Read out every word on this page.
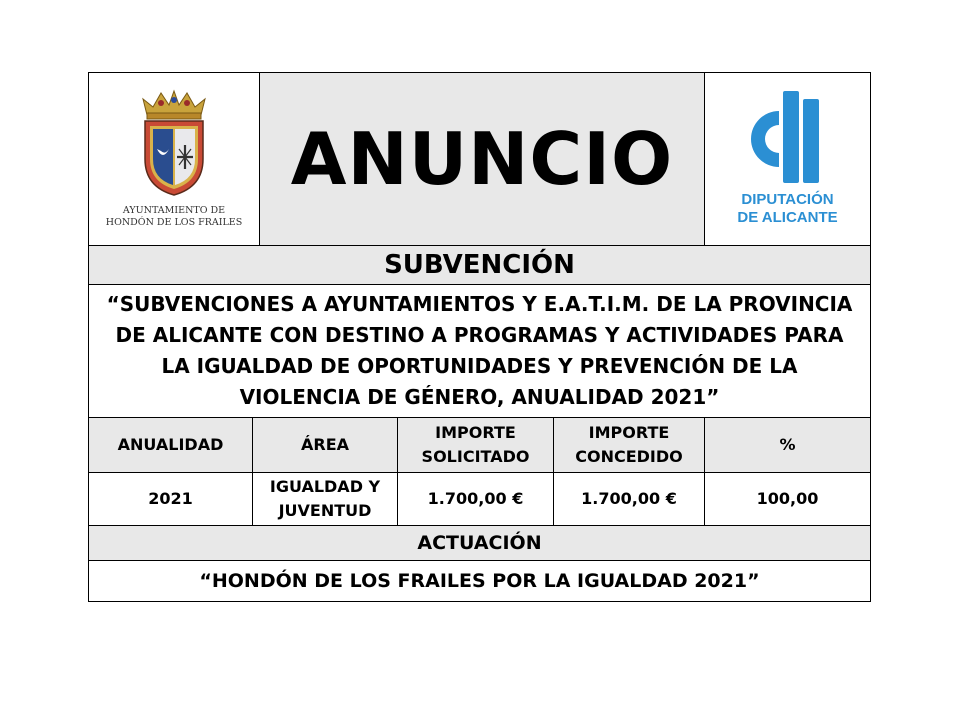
AYUNTAMIENTO DE
HONDÓN DE LOS FRAILES
	ANUNCIO	DIPUTACIÓN
DE ALICANTE
SUBVENCIÓN				
“SUBVENCIONES A AYUNTAMIENTOS Y E.A.T.I.M. DE LA PROVINCIA DE ALICANTE CON DESTINO A PROGRAMAS Y ACTIVIDADES PARA LA IGUALDAD DE OPORTUNIDADES Y PREVENCIÓN DE LA VIOLENCIA DE GÉNERO, ANUALIDAD 2021”				
ANUALIDAD	ÁREA	IMPORTE SOLICITADO	IMPORTE CONCEDIDO	%
2021	IGUALDAD Y JUVENTUD	1.700,00 €	1.700,00 €	100,00
ACTUACIÓN				
“HONDÓN DE LOS FRAILES POR LA IGUALDAD 2021”				
